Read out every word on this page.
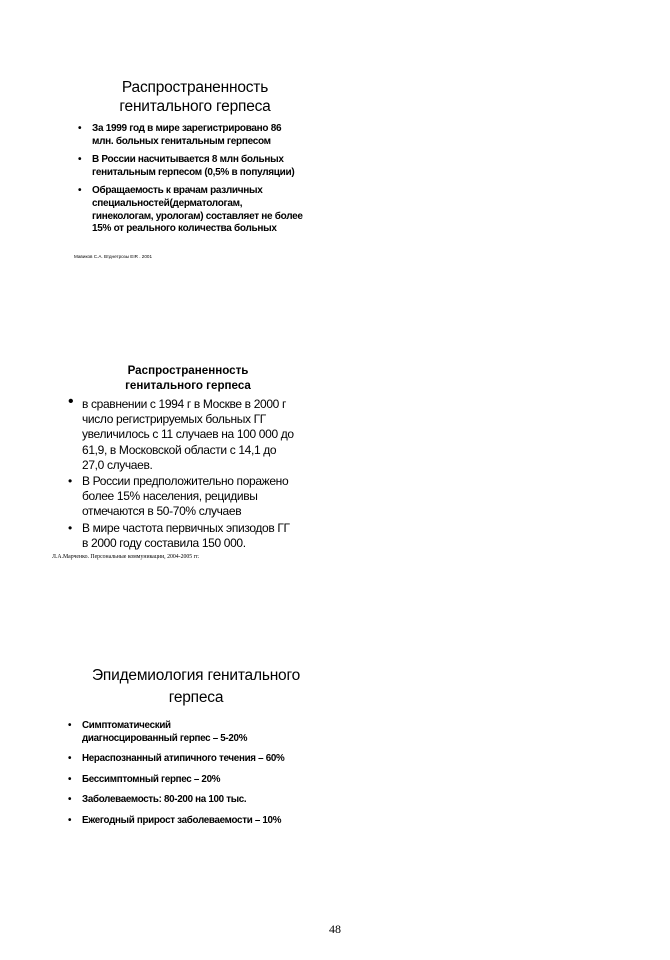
Распространенность
генитального герпеса
• За 1999 год в мире зарегистрировано 86
млн. больных генитальным герпесом
• В России насчитывается 8 млн больных
генитальным герпесом (0,5% в популяции)
• Обращаемость к врачам различных
специальностей(дерматологам,
гинекологам, урологам) составляет не более
15% от реального количества больных
Мавиков С.А. Втднетрозы ЕIR . 2001
Распространенность
генитального герпеса
• в сравнении с 1994 г в Москве в 2000 г
число регистрируемых больных ГГ
увеличилось с 11 случаев на 100 000 до
61,9, в Московской области с 14,1 до
27,0 случаев.
• В России предположительно поражено
более 15% населения, рецидивы
отмечаются в 50-70% случаев
• В мире частота первичных эпизодов ГГ
в 2000 году составила 150 000.
Л.А.Марченко. Персональные коммуникации, 2004-2005 гг.
Эпидемиология генитального
герпеса
• Симптоматический
диагносцированный герпес – 5-20%
• Нераспознанный атипичного течения – 60%
• Бессимптомный герпес – 20%
• Заболеваемость: 80-200 на 100 тыс.
• Ежегодный прирост заболеваемости – 10%
48
